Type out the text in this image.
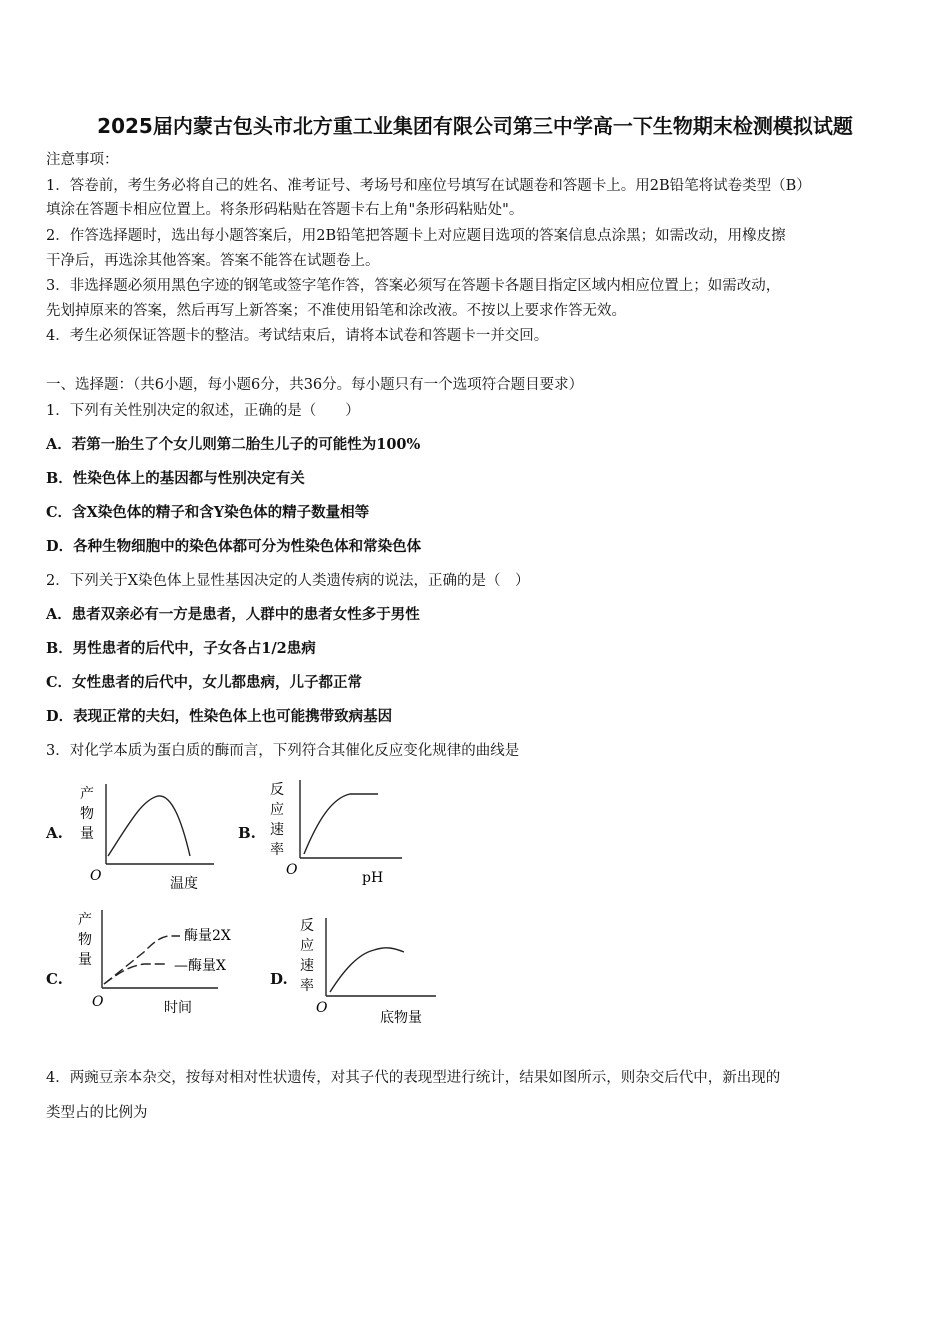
2025届内蒙古包头市北方重工业集团有限公司第三中学高一下生物期末检测模拟试题
注意事项：
1．答卷前，考生务必将自己的姓名、准考证号、考场号和座位号填写在试题卷和答题卡上。用2B铅笔将试卷类型（B）
填涂在答题卡相应位置上。将条形码粘贴在答题卡右上角"条形码粘贴处"。
2．作答选择题时，选出每小题答案后，用2B铅笔把答题卡上对应题目选项的答案信息点涂黑；如需改动，用橡皮擦
干净后，再选涂其他答案。答案不能答在试题卷上。
3．非选择题必须用黑色字迹的钢笔或签字笔作答，答案必须写在答题卡各题目指定区域内相应位置上；如需改动，
先划掉原来的答案，然后再写上新答案；不准使用铅笔和涂改液。不按以上要求作答无效。
4．考生必须保证答题卡的整洁。考试结束后，请将本试卷和答题卡一并交回。
一、选择题：（共6小题，每小题6分，共36分。每小题只有一个选项符合题目要求）
1．下列有关性别决定的叙述，正确的是（　　）
A．若第一胎生了个女儿则第二胎生儿子的可能性为100%
B．性染色体上的基因都与性别决定有关
C．含X染色体的精子和含Y染色体的精子数量相等
D．各种生物细胞中的染色体都可分为性染色体和常染色体
2．下列关于X染色体上显性基因决定的人类遗传病的说法，正确的是（　）
A．患者双亲必有一方是患者，人群中的患者女性多于男性
B．男性患者的后代中，子女各占1/2患病
C．女性患者的后代中，女儿都患病，儿子都正常
D．表现正常的夫妇，性染色体上也可能携带致病基因
3．对化学本质为蛋白质的酶而言，下列符合其催化反应变化规律的曲线是
A.
产
物
量
O	温度
B.
反
应
速
率
O	pH
C.
产
物
量
酶量2X
— 酶量X
O	时间
D.
反
应
速
率
O
底物量
4．两豌豆亲本杂交，按每对相对性状遗传，对其子代的表现型进行统计，结果如图所示，则杂交后代中，新出现的
类型占的比例为
